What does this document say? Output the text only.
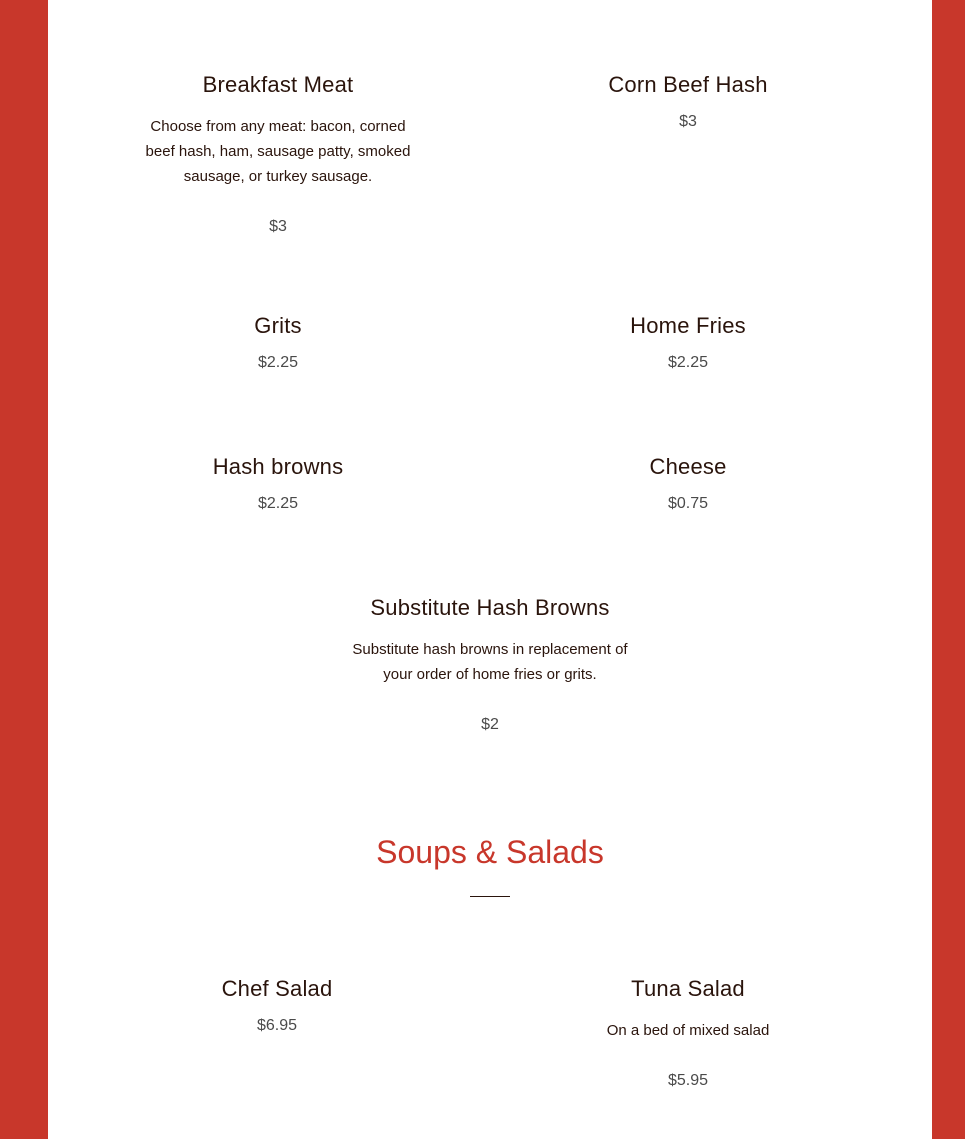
Breakfast Meat

Choose from any meat: bacon, corned beef hash, ham, sausage patty, smoked sausage, or turkey sausage.

$3

Corn Beef Hash

$3

Grits

$2.25

Home Fries

$2.25

Hash browns

$2.25

Cheese

$0.75

Substitute Hash Browns

Substitute hash browns in replacement of your order of home fries or grits.

$2

Soups & Salads
Chef Salad

$6.95

Tuna Salad

On a bed of mixed salad

$5.95
